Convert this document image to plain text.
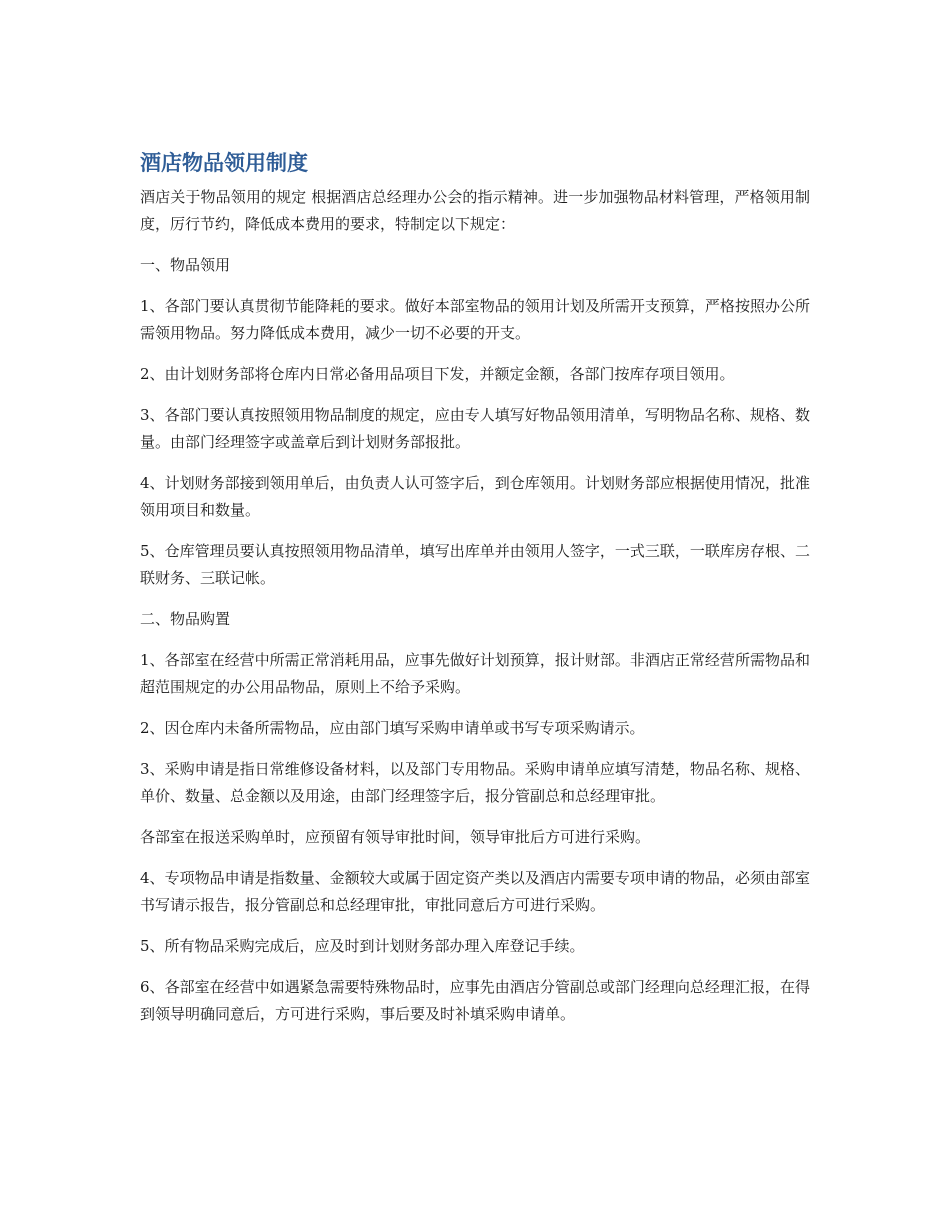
酒店物品领用制度

酒店关于物品领用的规定 根据酒店总经理办公会的指示精神。进一步加强物品材料管理，严格领用制度，厉行节约，降低成本费用的要求，特制定以下规定：

一、物品领用

1、各部门要认真贯彻节能降耗的要求。做好本部室物品的领用计划及所需开支预算，严格按照办公所需领用物品。努力降低成本费用，减少一切不必要的开支。

2、由计划财务部将仓库内日常必备用品项目下发，并额定金额，各部门按库存项目领用。

3、各部门要认真按照领用物品制度的规定，应由专人填写好物品领用清单，写明物品名称、规格、数量。由部门经理签字或盖章后到计划财务部报批。

4、计划财务部接到领用单后，由负责人认可签字后，到仓库领用。计划财务部应根据使用情况，批准领用项目和数量。

5、仓库管理员要认真按照领用物品清单，填写出库单并由领用人签字，一式三联，一联库房存根、二联财务、三联记帐。

二、物品购置

1、各部室在经营中所需正常消耗用品，应事先做好计划预算，报计财部。非酒店正常经营所需物品和超范围规定的办公用品物品，原则上不给予采购。

2、因仓库内未备所需物品，应由部门填写采购申请单或书写专项采购请示。

3、采购申请是指日常维修设备材料，以及部门专用物品。采购申请单应填写清楚，物品名称、规格、单价、数量、总金额以及用途，由部门经理签字后，报分管副总和总经理审批。

各部室在报送采购单时，应预留有领导审批时间，领导审批后方可进行采购。

4、专项物品申请是指数量、金额较大或属于固定资产类以及酒店内需要专项申请的物品，必须由部室书写请示报告，报分管副总和总经理审批，审批同意后方可进行采购。

5、所有物品采购完成后，应及时到计划财务部办理入库登记手续。

6、各部室在经营中如遇紧急需要特殊物品时，应事先由酒店分管副总或部门经理向总经理汇报，在得到领导明确同意后，方可进行采购，事后要及时补填采购申请单。
